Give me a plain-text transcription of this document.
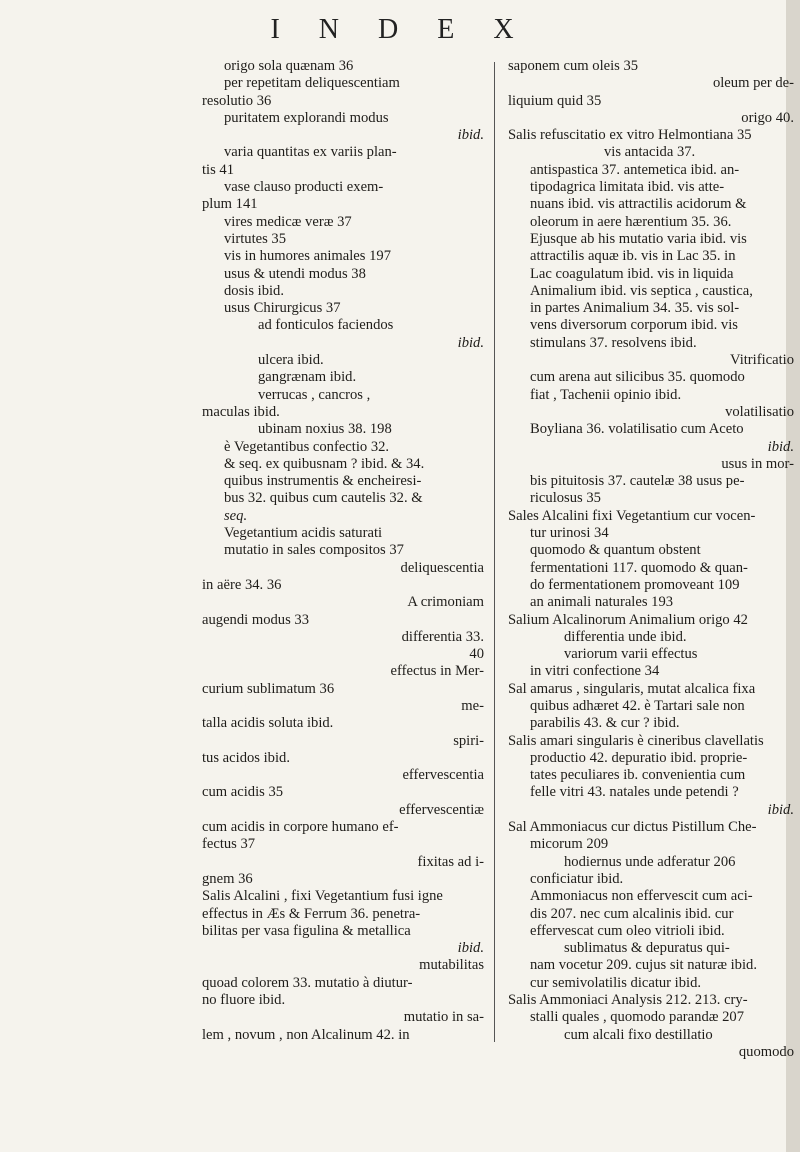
I N D E X
origo sola quænam 36
per repetitam deliquescentiam
resolutio 36
puritatem explorandi modus
ibid.
varia quantitas ex variis plan-
tis 41
vase clauso producti exem-
plum 141
vires medicæ veræ 37
virtutes 35
vis in humores animales 197
usus & utendi modus 38
dosis ibid.
usus Chirurgicus 37
ad fonticulos faciendos
ibid.
ulcera ibid.
gangrænam ibid.
verrucas , cancros ,
maculas ibid.
ubinam noxius 38. 198
è Vegetantibus confectio 32.
& seq. ex quibusnam ? ibid. & 34.
quibus instrumentis & encheiresi-
bus 32. quibus cum cautelis 32. &
seq.
Vegetantium acidis saturati
mutatio in sales compositos 37
deliquescentia
in aëre 34. 36
A crimoniam
augendi modus 33
differentia 33.
40
effectus in Mer-
curium sublimatum 36
me-
talla acidis soluta ibid.
spiri-
tus acidos ibid.
effervescentia
cum acidis 35
effervescentiæ
cum acidis in corpore humano ef-
fectus 37
fixitas ad i-
gnem 36
Salis Alcalini , fixi Vegetantium fusi igne
effectus in Æs & Ferrum 36. penetra-
bilitas per vasa figulina & metallica
ibid.
mutabilitas
quoad colorem 33. mutatio à diutur-
no fluore ibid.
mutatio in sa-
lem , novum , non Alcalinum 42. in
saponem cum oleis 35
oleum per de-
liquium quid 35
origo 40.
Salis refuscitatio ex vitro Helmontiana 35
vis antacida 37.
antispastica 37. antemetica ibid. an-
tipodagrica limitata ibid. vis atte-
nuans ibid. vis attractilis acidorum &
oleorum in aere hærentium 35. 36.
Ejusque ab his mutatio varia ibid. vis
attractilis aquæ ib. vis in Lac 35. in
Lac coagulatum ibid. vis in liquida
Animalium ibid. vis septica , caustica,
in partes Animalium 34. 35. vis sol-
vens diversorum corporum ibid. vis
stimulans 37. resolvens ibid.
Vitrificatio
cum arena aut silicibus 35. quomodo
fiat , Tachenii opinio ibid.
volatilisatio
Boyliana 36. volatilisatio cum Aceto
ibid.
usus in mor-
bis pituitosis 37. cautelæ 38 usus pe-
riculosus 35
Sales Alcalini fixi Vegetantium cur vocen-
tur urinosi 34
quomodo & quantum obstent
fermentationi 117. quomodo & quan-
do fermentationem promoveant 109
an animali naturales 193
Salium Alcalinorum Animalium origo 42
differentia unde ibid.
variorum varii effectus
in vitri confectione 34
Sal amarus , singularis, mutat alcalica fixa
quibus adhæret 42. è Tartari sale non
parabilis 43. & cur ? ibid.
Salis amari singularis è cineribus clavellatis
productio 42. depuratio ibid. proprie-
tates peculiares ib. convenientia cum
felle vitri 43. natales unde petendi ?
ibid.
Sal Ammoniacus cur dictus Pistillum Che-
micorum 209
hodiernus unde adferatur 206
conficiatur ibid.
Ammoniacus non effervescit cum aci-
dis 207. nec cum alcalinis ibid. cur
effervescat cum oleo vitrioli ibid.
sublimatus & depuratus qui-
nam vocetur 209. cujus sit naturæ ibid.
cur semivolatilis dicatur ibid.
Salis Ammoniaci Analysis 212. 213. cry-
stalli quales , quomodo parandæ 207
cum alcali fixo destillatio
quomodo
